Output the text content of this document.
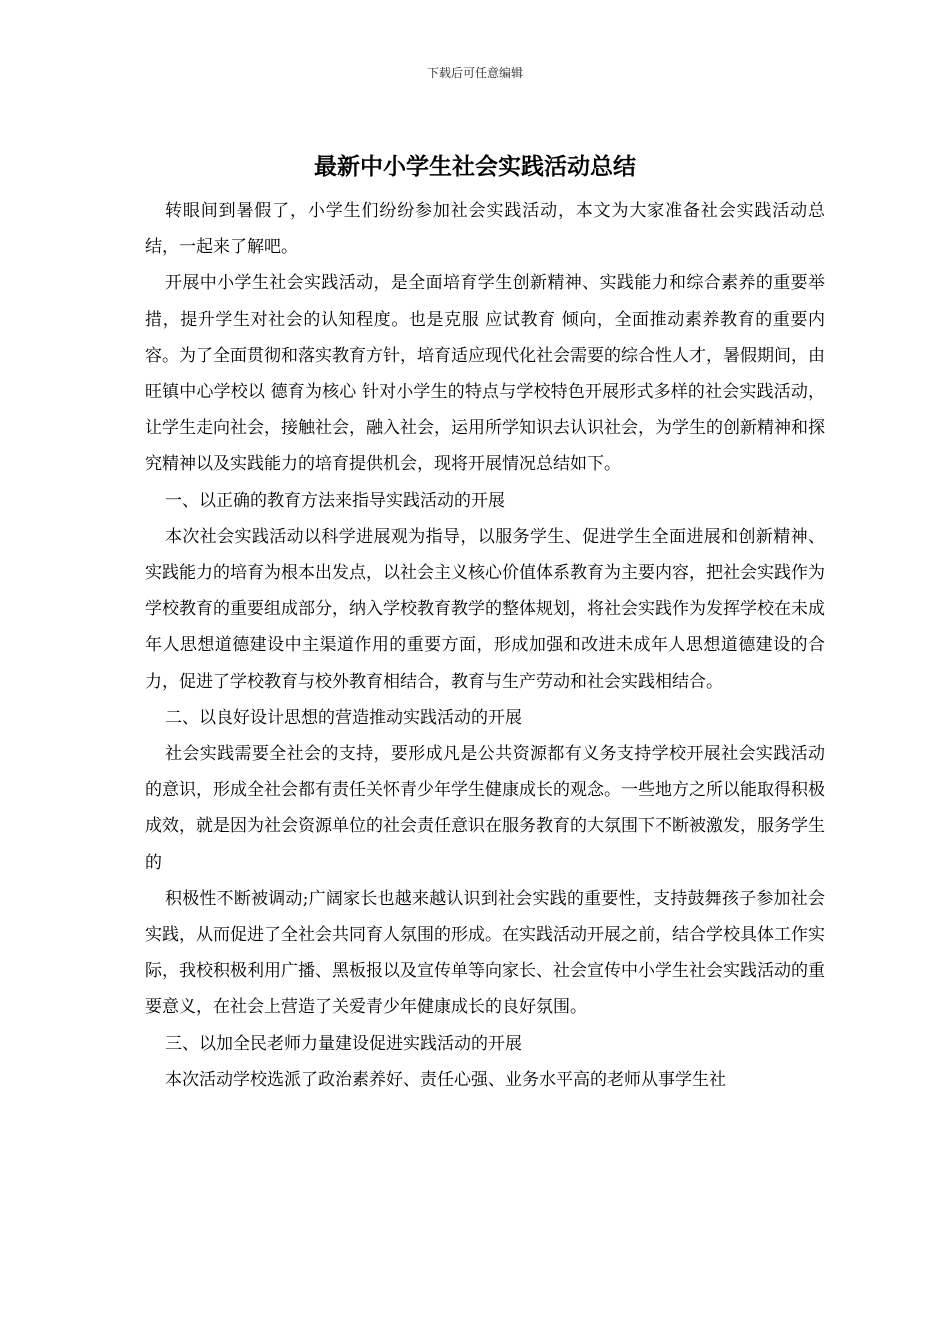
下载后可任意编辑
最新中小学生社会实践活动总结

转眼间到暑假了，小学生们纷纷参加社会实践活动，本文为大家准备社会实践活动总结，一起来了解吧。

开展中小学生社会实践活动，是全面培育学生创新精神、实践能力和综合素养的重要举措，提升学生对社会的认知程度。也是克服 应试教育 倾向，全面推动素养教育的重要内容。为了全面贯彻和落实教育方针，培育适应现代化社会需要的综合性人才，暑假期间，由旺镇中心学校以 德育为核心 针对小学生的特点与学校特色开展形式多样的社会实践活动，让学生走向社会，接触社会，融入社会，运用所学知识去认识社会，为学生的创新精神和探究精神以及实践能力的培育提供机会，现将开展情况总结如下。

一、以正确的教育方法来指导实践活动的开展

本次社会实践活动以科学进展观为指导，以服务学生、促进学生全面进展和创新精神、实践能力的培育为根本出发点，以社会主义核心价值体系教育为主要内容，把社会实践作为学校教育的重要组成部分，纳入学校教育教学的整体规划，将社会实践作为发挥学校在未成年人思想道德建设中主渠道作用的重要方面，形成加强和改进未成年人思想道德建设的合力，促进了学校教育与校外教育相结合，教育与生产劳动和社会实践相结合。

二、以良好设计思想的营造推动实践活动的开展

社会实践需要全社会的支持，要形成凡是公共资源都有义务支持学校开展社会实践活动的意识，形成全社会都有责任关怀青少年学生健康成长的观念。一些地方之所以能取得积极成效，就是因为社会资源单位的社会责任意识在服务教育的大氛围下不断被激发，服务学生的

积极性不断被调动;广阔家长也越来越认识到社会实践的重要性，支持鼓舞孩子参加社会实践，从而促进了全社会共同育人氛围的形成。在实践活动开展之前，结合学校具体工作实际，我校积极利用广播、黑板报以及宣传单等向家长、社会宣传中小学生社会实践活动的重要意义，在社会上营造了关爱青少年健康成长的良好氛围。

三、以加全民老师力量建设促进实践活动的开展

本次活动学校选派了政治素养好、责任心强、业务水平高的老师从事学生社
